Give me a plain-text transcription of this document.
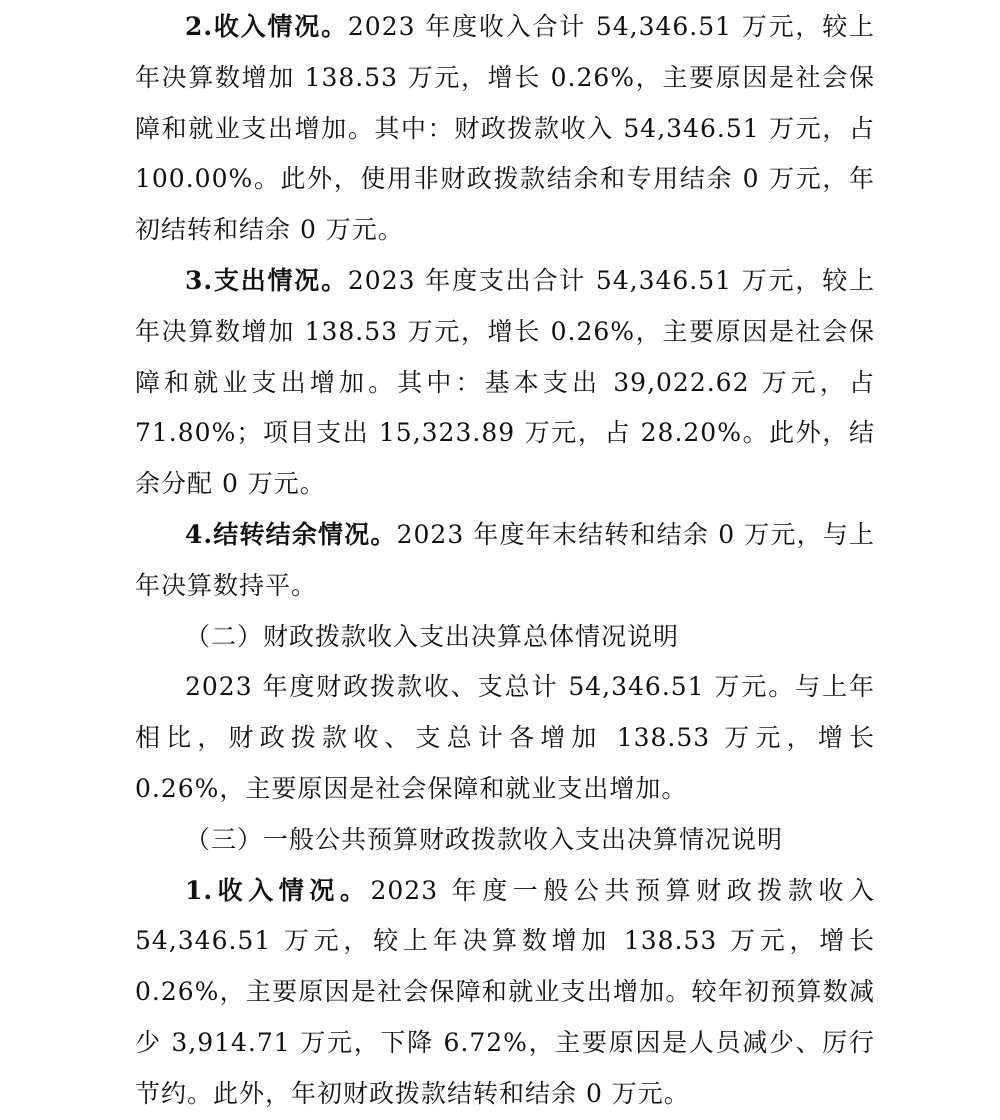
2.收入情况。2023 年度收入合计 54,346.51 万元，较上年决算数增加 138.53 万元，增长 0.26%，主要原因是社会保障和就业支出增加。其中：财政拨款收入 54,346.51 万元，占 100.00%。此外，使用非财政拨款结余和专用结余 0 万元，年初结转和结余 0 万元。

3.支出情况。2023 年度支出合计 54,346.51 万元，较上年决算数增加 138.53 万元，增长 0.26%，主要原因是社会保障和就业支出增加。其中：基本支出 39,022.62 万元，占 71.80%；项目支出 15,323.89 万元，占 28.20%。此外，结余分配 0 万元。

4.结转结余情况。2023 年度年末结转和结余 0 万元，与上年决算数持平。

（二）财政拨款收入支出决算总体情况说明

2023 年度财政拨款收、支总计 54,346.51 万元。与上年相比，财政拨款收、支总计各增加 138.53 万元，增长 0.26%，主要原因是社会保障和就业支出增加。

（三）一般公共预算财政拨款收入支出决算情况说明

1.收入情况。2023 年度一般公共预算财政拨款收入 54,346.51 万元，较上年决算数增加 138.53 万元，增长 0.26%，主要原因是社会保障和就业支出增加。较年初预算数减少 3,914.71 万元，下降 6.72%，主要原因是人员减少、厉行节约。此外，年初财政拨款结转和结余 0 万元。
